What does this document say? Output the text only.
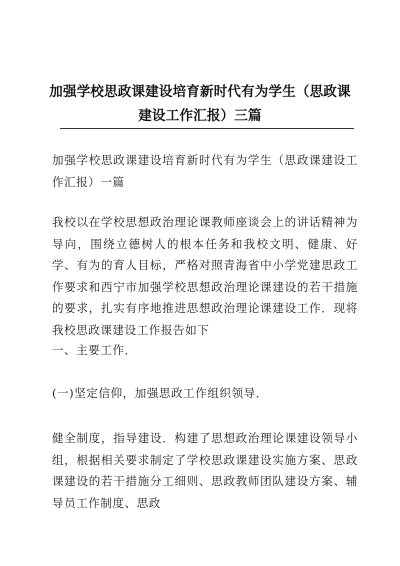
加强学校思政课建设培育新时代有为学生（思政课建设工作汇报）三篇
加强学校思政课建设培育新时代有为学生（思政课建设工作汇报）一篇
我校以在学校思想政治理论课教师座谈会上的讲话精神为导向，围绕立德树人的根本任务和我校文明、健康、好学、有为的育人目标，严格对照青海省中小学党建思政工作要求和西宁市加强学校思想政治理论课建设的若干措施的要求，扎实有序地推进思想政治理论课建设工作．现将我校思政课建设工作报告如下
一、主要工作．
(一)坚定信仰，加强思政工作组织领导．
健全制度，指导建设．构建了思想政治理论课建设领导小组，根据相关要求制定了学校思政课建设实施方案、思政课建设的若干措施分工细则、思政教师团队建设方案、辅导员工作制度、思政
